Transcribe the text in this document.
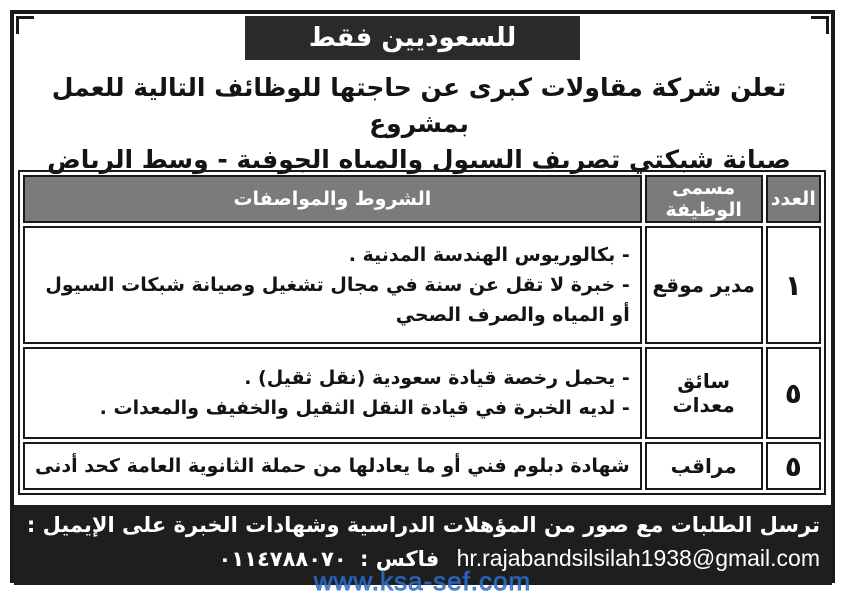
للسعوديين فقط
تعلن شركة مقاولات كبرى عن حاجتها للوظائف التالية للعمل بمشروع
صيانة شبكتي تصريف السيول والمياه الجوفية - وسط الرياض
العدد	مسمى الوظيفة	الشروط والمواصفات
١	مدير موقع	- بكالوريوس الهندسة المدنية .
- خبرة لا تقل عن سنة في مجال تشغيل وصيانة شبكات السيول
أو المياه والصرف الصحي

٥	سائق معدات	- يحمل رخصة قيادة سعودية (نقل ثقيل) .
- لديه الخبرة في قيادة النقل الثقيل والخفيف والمعدات .

٥	مراقب	شهادة دبلوم فني أو ما يعادلها من حملة الثانوية العامة كحد أدنى
ترسل الطلبات مع صور من المؤهلات الدراسية وشهادات الخبرة على الإيميل :
hr.rajabandsilsilah1938@gmail.com فاكس : ٠١١٤٧٨٨٠٧٠
www.ksa-sef.com
